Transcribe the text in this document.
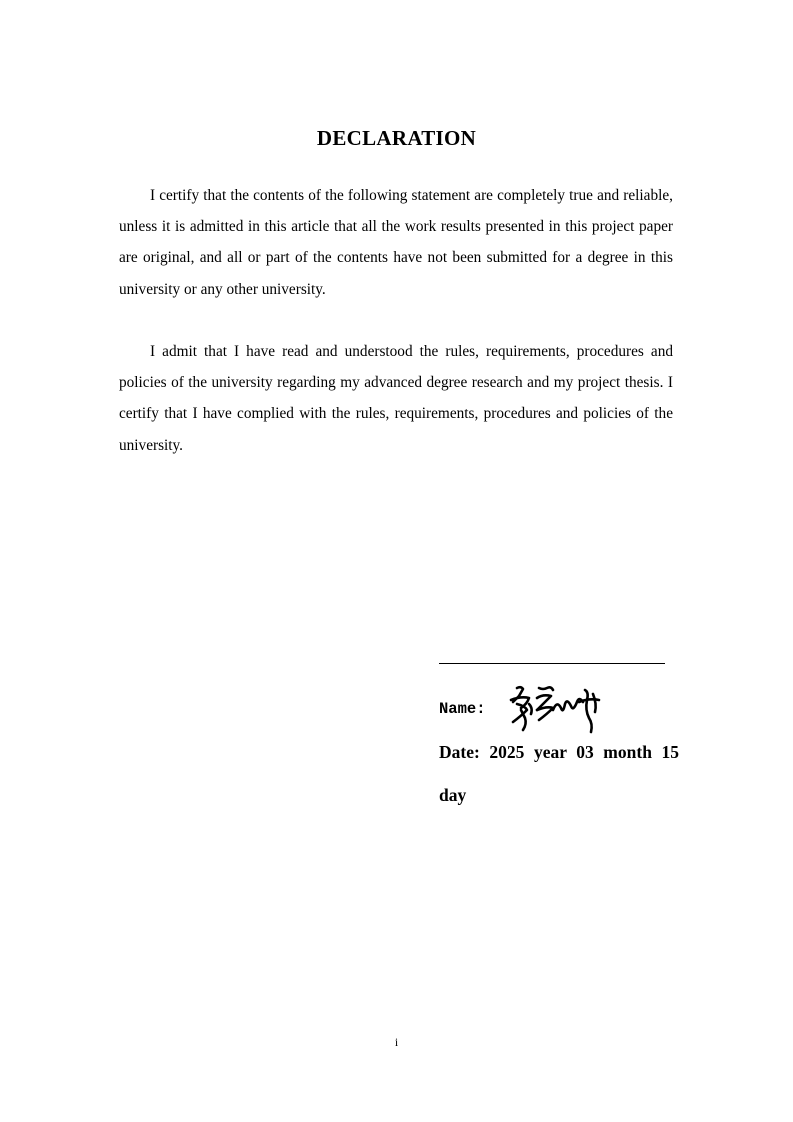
DECLARATION

I certify that the contents of the following statement are completely true and reliable, unless it is admitted in this article that all the work results presented in this project paper are original, and all or part of the contents have not been submitted for a degree in this university or any other university.

I admit that I have read and understood the rules, requirements, procedures and policies of the university regarding my advanced degree research and my project thesis. I certify that I have complied with the rules, requirements, procedures and policies of the university.

Name:

Date: 2025 year 03 month 15 day

i
